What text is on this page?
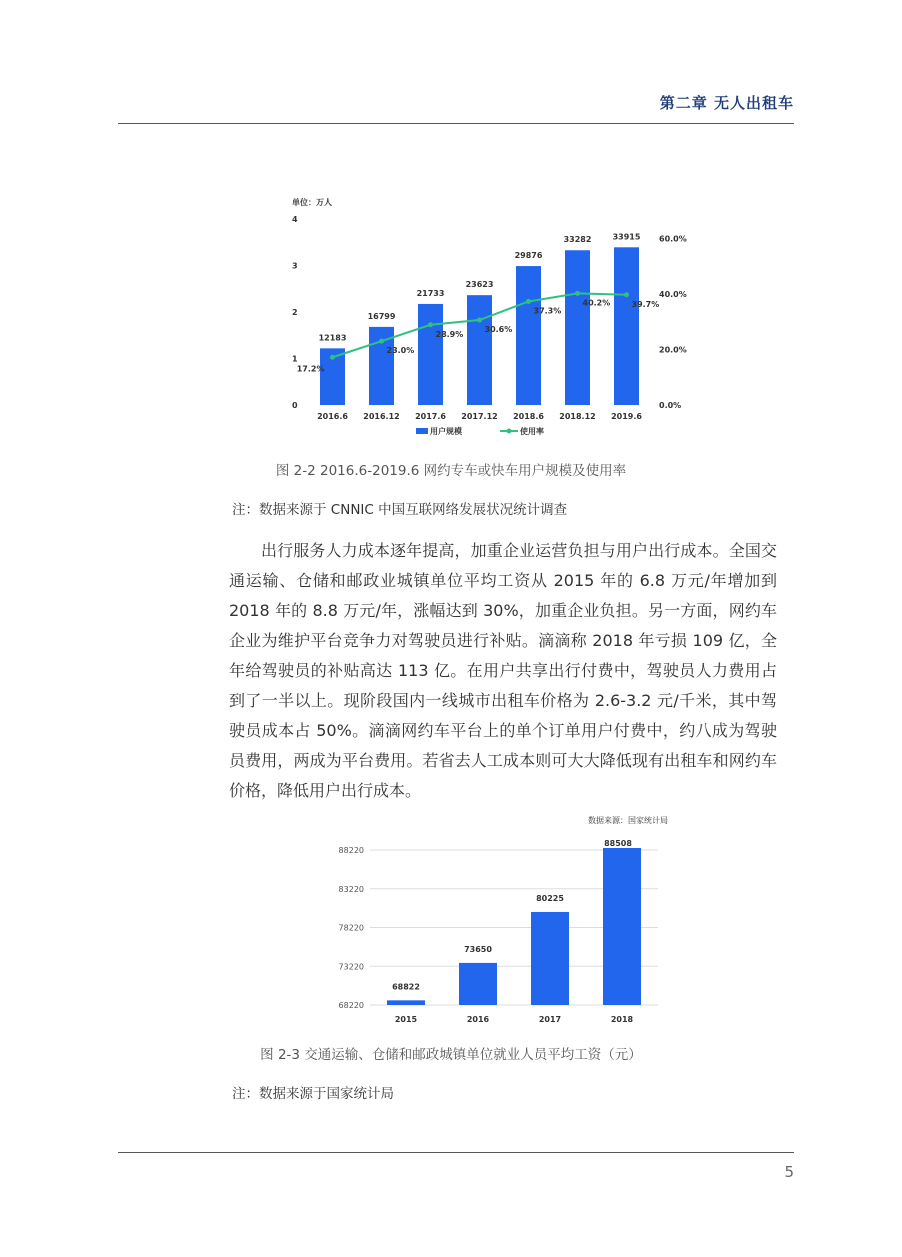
第二章 无人出租车
单位：万人
0
1
2
3
4
0.0%
20.0%
40.0%
60.0%
12183
16799
21733
23623
29876
33282	33915
17.2%
23.0%
28.9%
30.6%
37.3%
40.2%	39.7%
2016.6 2016.12 2017.6 2017.12 2018.6 2018.12 2019.6
用户规模	使用率
图 2-2 2016.6-2019.6 网约专车或快车用户规模及使用率
注：数据来源于 CNNIC 中国互联网络发展状况统计调查

出行服务人力成本逐年提高，加重企业运营负担与用户出行成本。全国交通运输、仓储和邮政业城镇单位平均工资从 2015 年的 6.8 万元/年增加到 2018 年的 8.8 万元/年，涨幅达到 30%，加重企业负担。另一方面，网约车企业为维护平台竞争力对驾驶员进行补贴。滴滴称 2018 年亏损 109 亿，全年给驾驶员的补贴高达 113 亿。在用户共享出行付费中，驾驶员人力费用占到了一半以上。现阶段国内一线城市出租车价格为 2.6-3.2 元/千米，其中驾驶员成本占 50%。滴滴网约车平台上的单个订单用户付费中，约八成为驾驶员费用，两成为平台费用。若省去人工成本则可大大降低现有出租车和网约车价格，降低用户出行成本。

数据来源：国家统计局
68220
73220
78220
83220
88220
68822
73650
80225
88508
2015	2016	2017	2018
图 2-3 交通运输、仓储和邮政城镇单位就业人员平均工资（元）
注：数据来源于国家统计局
5
